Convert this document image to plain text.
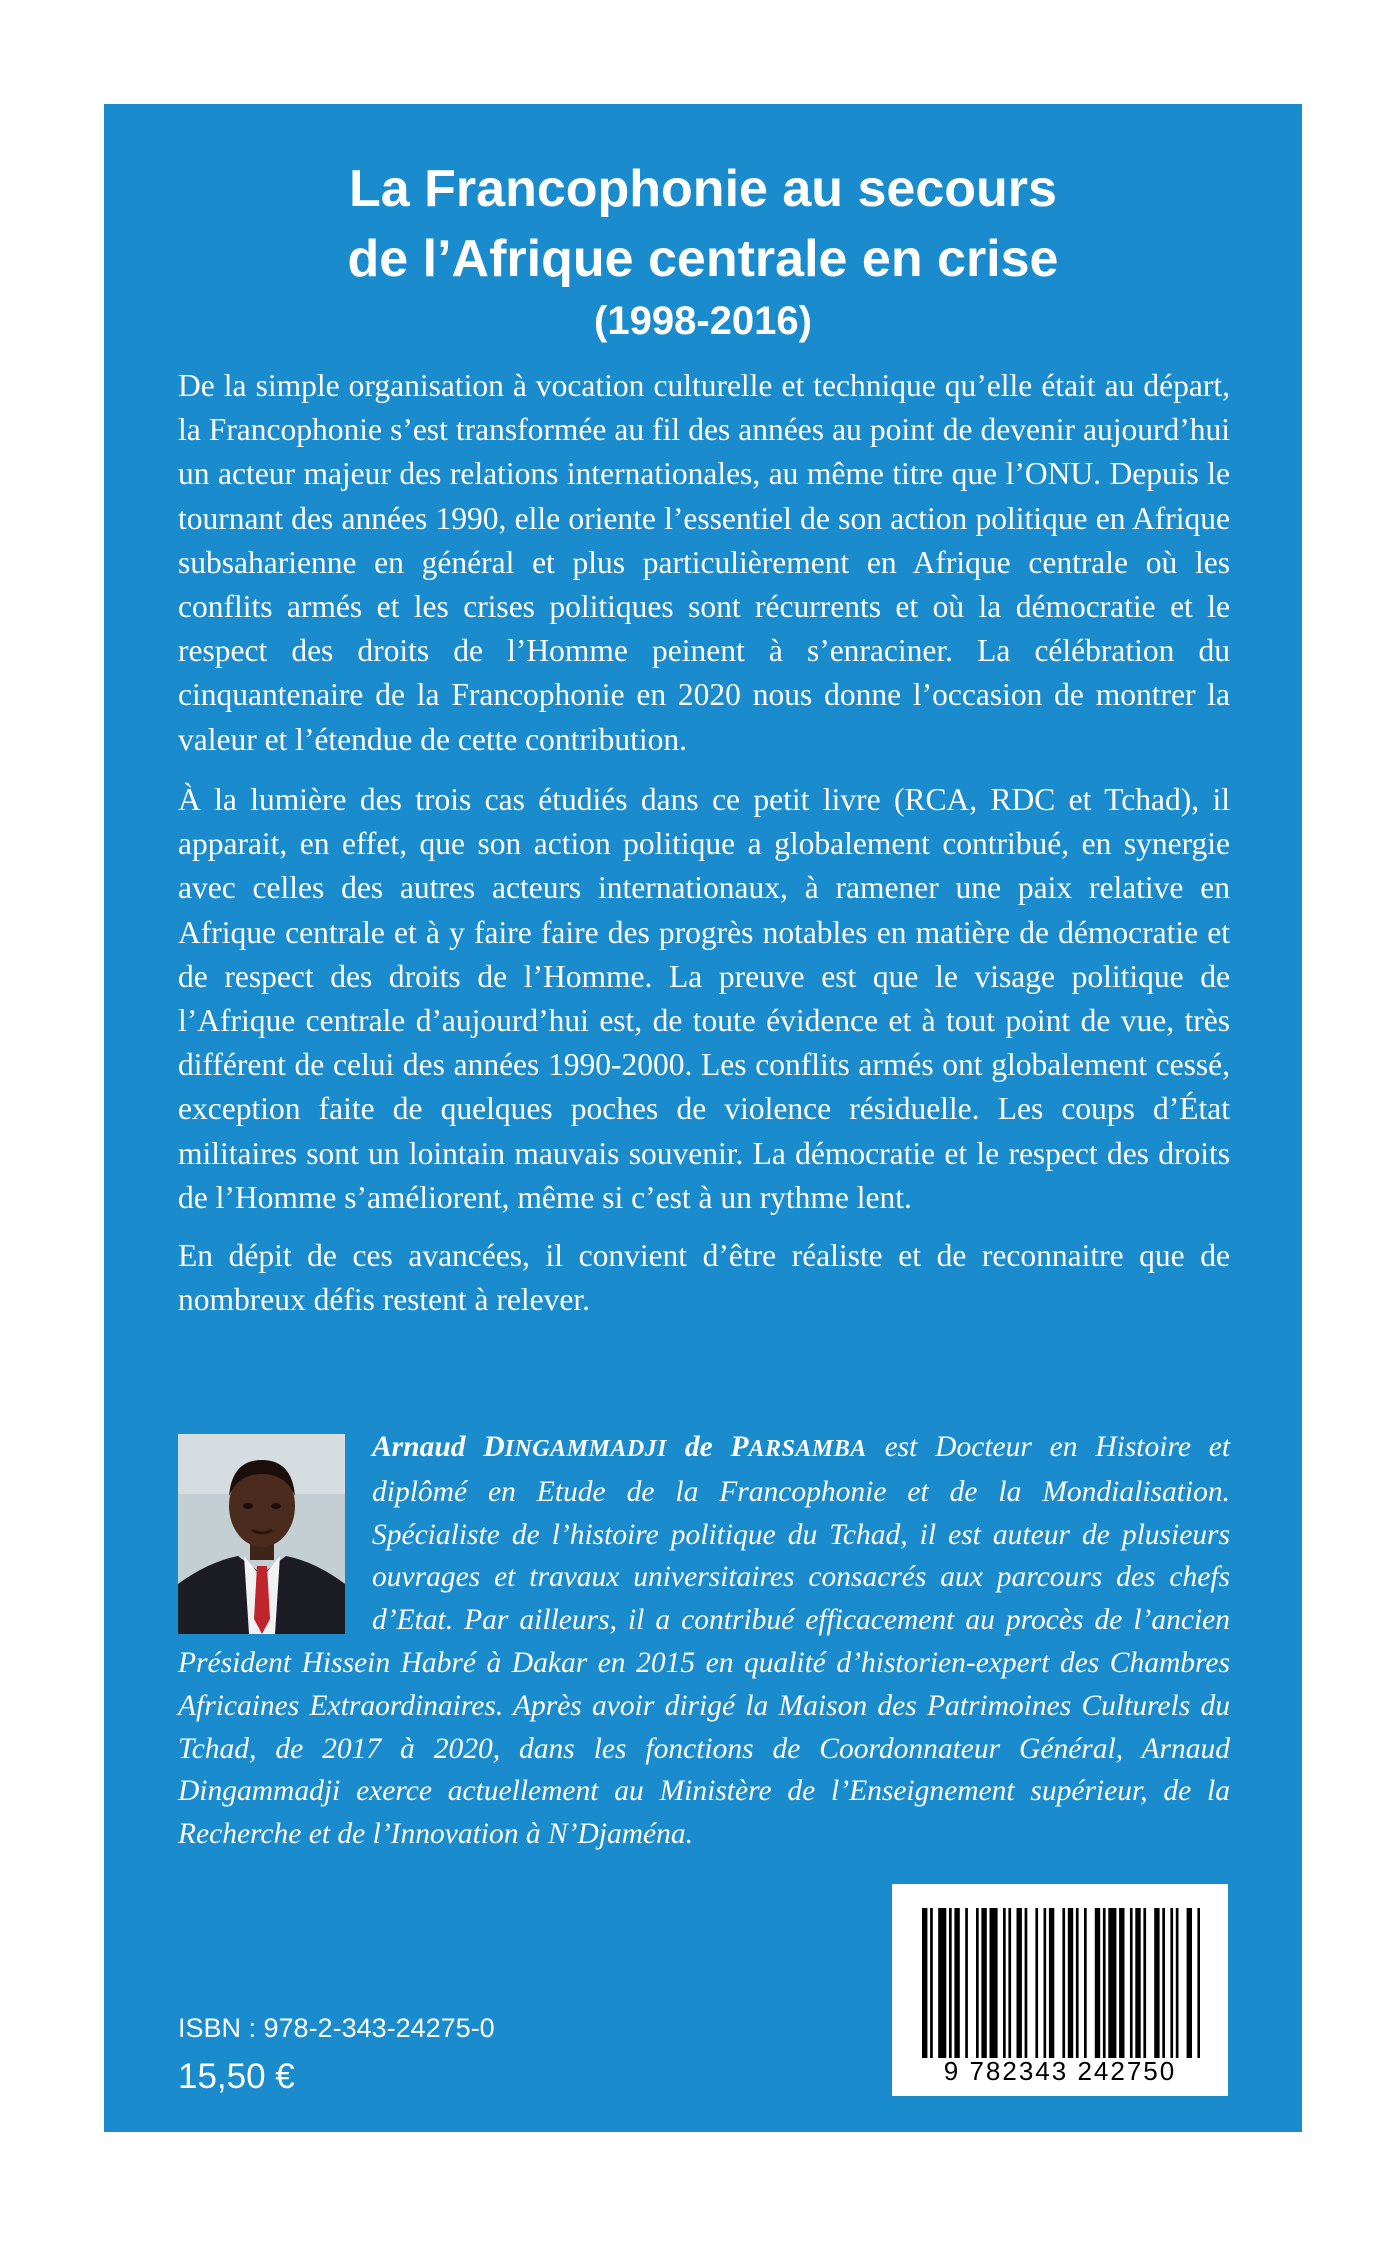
La Francophonie au secours
de l’Afrique centrale en crise
(1998-2016)

De la simple organisation à vocation culturelle et technique qu’elle était au départ, la Francophonie s’est transformée au fil des années au point de devenir aujourd’hui un acteur majeur des relations internationales, au même titre que l’ONU. Depuis le tournant des années 1990, elle oriente l’essentiel de son action politique en Afrique subsaharienne en général et plus particulièrement en Afrique centrale où les conflits armés et les crises politiques sont récurrents et où la démocratie et le respect des droits de l’Homme peinent à s’enraciner. La célébration du cinquantenaire de la Francophonie en 2020 nous donne l’occasion de montrer la valeur et l’étendue de cette contribution.

À la lumière des trois cas étudiés dans ce petit livre (RCA, RDC et Tchad), il apparait, en effet, que son action politique a globalement contribué, en synergie avec celles des autres acteurs internationaux, à ramener une paix relative en Afrique centrale et à y faire faire des progrès notables en matière de démocratie et de respect des droits de l’Homme. La preuve est que le visage politique de l’Afrique centrale d’aujourd’hui est, de toute évidence et à tout point de vue, très différent de celui des années 1990-2000. Les conflits armés ont globalement cessé, exception faite de quelques poches de violence résiduelle. Les coups d’État militaires sont un lointain mauvais souvenir. La démocratie et le respect des droits de l’Homme s’améliorent, même si c’est à un rythme lent.

En dépit de ces avancées, il convient d’être réaliste et de reconnaitre que de nombreux défis restent à relever.

Arnaud DINGAMMADJI de PARSAMBA est Docteur en Histoire et diplômé en Etude de la Francophonie et de la Mondialisation. Spécialiste de l’histoire politique du Tchad, il est auteur de plusieurs ouvrages et travaux universitaires consacrés aux parcours des chefs d’Etat. Par ailleurs, il a contribué efficacement au procès de l’ancien Président Hissein Habré à Dakar en 2015 en qualité d’historien-expert des Chambres Africaines Extraordinaires. Après avoir dirigé la Maison des Patrimoines Culturels du Tchad, de 2017 à 2020, dans les fonctions de Coordonnateur Général, Arnaud Dingammadji exerce actuellement au Ministère de l’Enseignement supérieur, de la Recherche et de l’Innovation à N’Djaména.

ISBN : 978-2-343-24275-0

15,50 €	9 782343 242750
